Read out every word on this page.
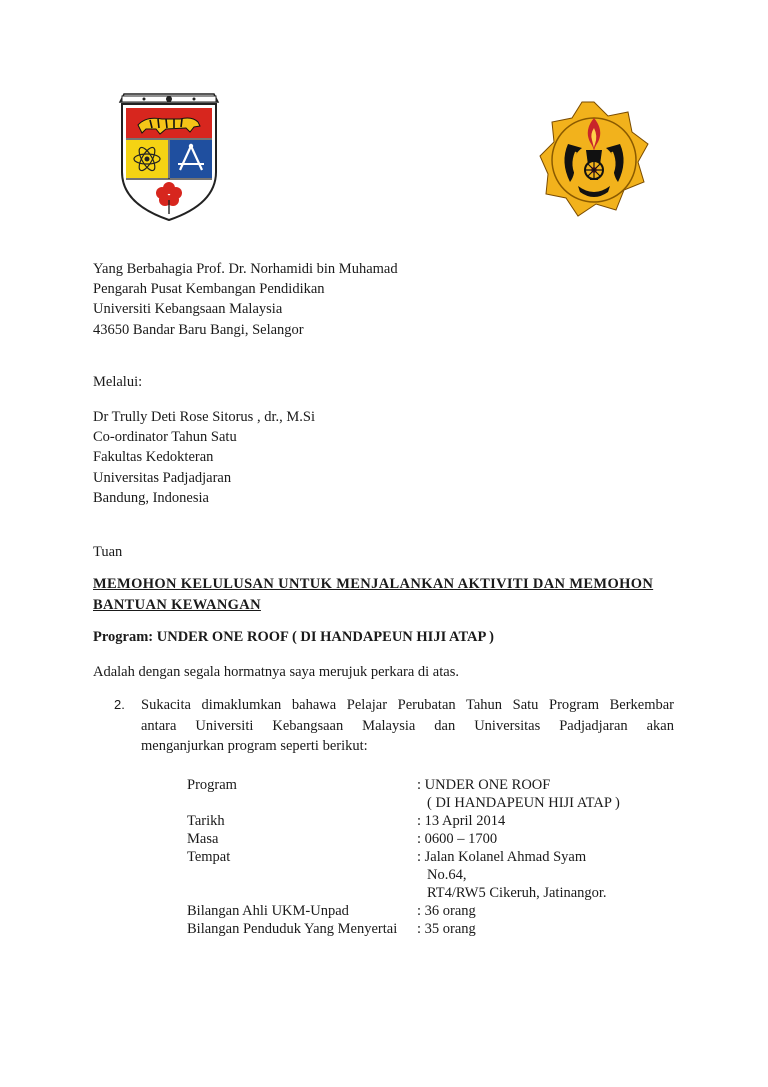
Yang Berbahagia Prof. Dr. Norhamidi bin Muhamad
Pengarah Pusat Kembangan Pendidikan
Universiti Kebangsaan Malaysia
43650 Bandar Baru Bangi, Selangor
Melalui:
Dr Trully Deti Rose Sitorus , dr., M.Si
Co-ordinator Tahun Satu
Fakultas Kedokteran
Universitas Padjadjaran
Bandung, Indonesia
Tuan
MEMOHON KELULUSAN UNTUK MENJALANKAN AKTIVITI DAN MEMOHON BANTUAN KEWANGAN
Program: UNDER ONE ROOF ( DI HANDAPEUN HIJI ATAP )
Adalah dengan segala hormatnya saya merujuk perkara di atas.
2. Sukacita dimaklumkan bahawa Pelajar Perubatan Tahun Satu Program Berkembar
antara Universiti Kebangsaan Malaysia dan Universitas Padjadjaran akan
menganjurkan program seperti berikut:
Program	: UNDER ONE ROOF
( DI HANDAPEUN HIJI ATAP )
Tarikh	: 13 April 2014
Masa	: 0600 – 1700
Tempat	: Jalan Kolanel Ahmad Syam
No.64,
RT4/RW5 Cikeruh, Jatinangor.
Bilangan Ahli UKM-Unpad	: 36 orang
Bilangan Penduduk Yang Menyertai : 35 orang
